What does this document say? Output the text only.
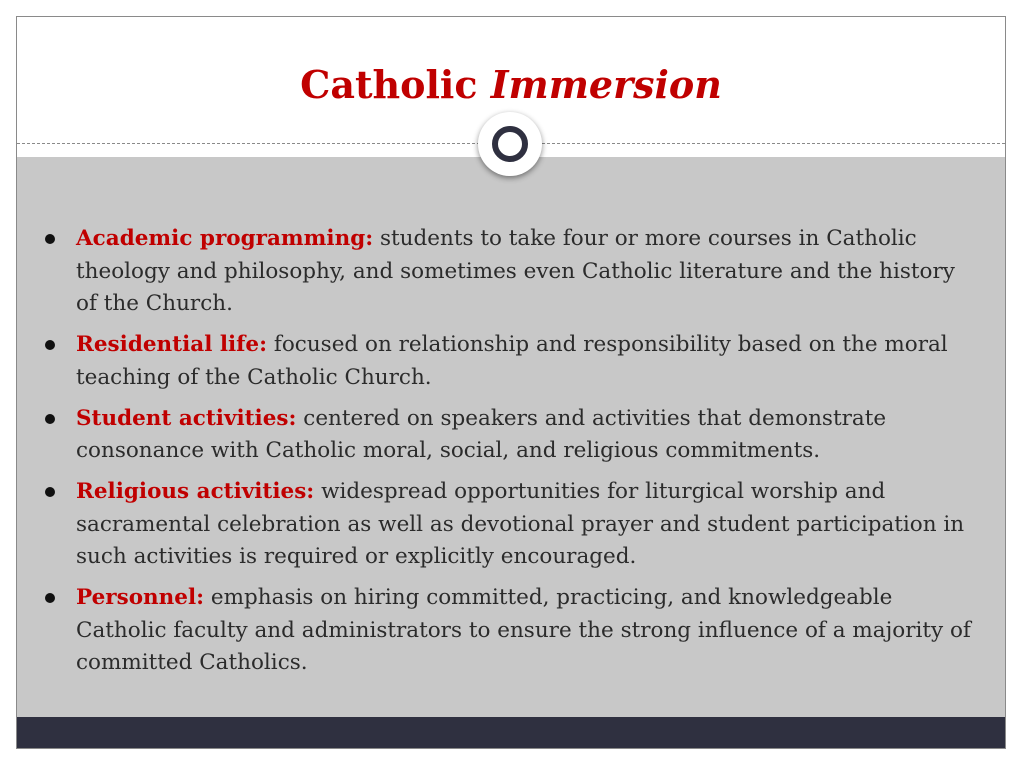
Catholic Immersion
Academic programming: students to take four or more courses in Catholic theology and philosophy, and sometimes even Catholic literature and the history of the Church.
Residential life: focused on relationship and responsibility based on the moral teaching of the Catholic Church.
Student activities: centered on speakers and activities that demonstrate consonance with Catholic moral, social, and religious commitments.
Religious activities: widespread opportunities for liturgical worship and sacramental celebration as well as devotional prayer and student participation in such activities is required or explicitly encouraged.
Personnel: emphasis on hiring committed, practicing, and knowledgeable Catholic faculty and administrators to ensure the strong influence of a majority of committed Catholics.
